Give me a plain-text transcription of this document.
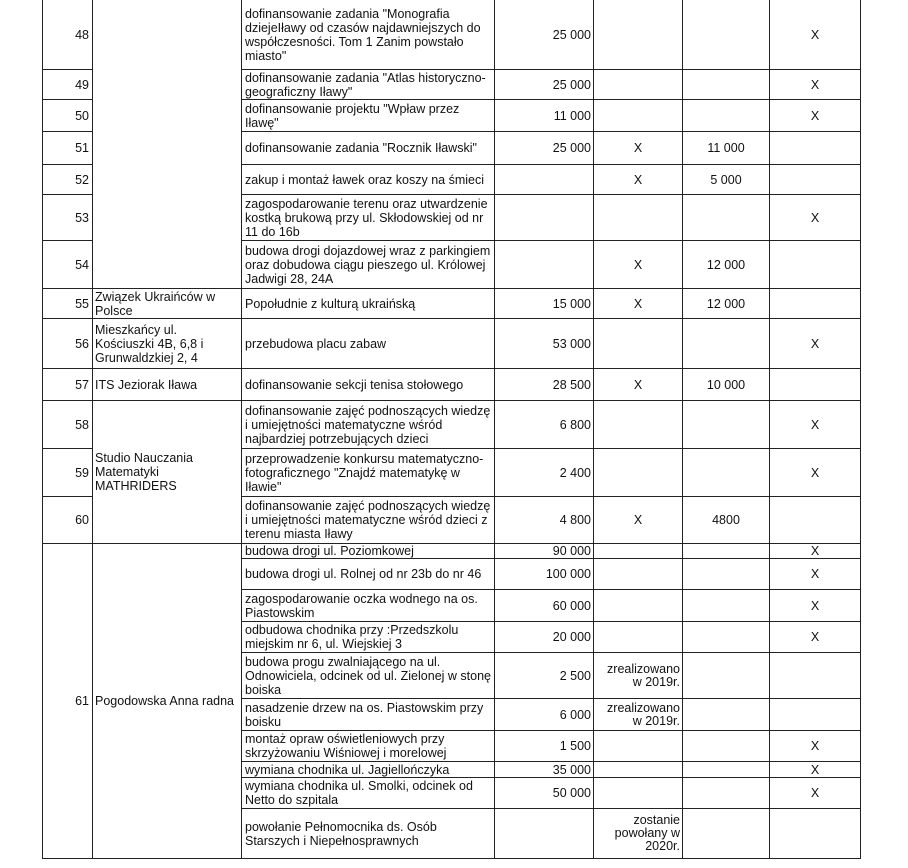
48		dofinansowanie zadania "Monografia dziejeIławy od czasów najdawniejszych do współczesności. Tom 1 Zanim powstało miasto"	25 000			X
49		dofinansowanie zadania "Atlas historyczno-geograficzny Iławy"	25 000			X
50		dofinansowanie projektu "Wpław przez Iławę"	11 000			X
51		dofinansowanie zadania "Rocznik Iławski"	25 000	X	11 000	
52		zakup i montaż ławek oraz koszy na śmieci		X	5 000	
53		zagospodarowanie terenu oraz utwardzenie kostką brukową przy ul. Skłodowskiej od nr 11 do 16b				X
54		budowa drogi dojazdowej wraz z parkingiem oraz dobudowa ciągu pieszego ul. Królowej Jadwigi 28, 24A		X	12 000	
55	Związek Ukraińców w Polsce	Popołudnie z kulturą ukraińską	15 000	X	12 000	
56	Mieszkańcy ul. Kościuszki 4B, 6,8 i Grunwaldzkiej 2, 4	przebudowa placu zabaw	53 000			X
57	ITS Jeziorak Iława	dofinansowanie sekcji tenisa stołowego	28 500	X	10 000	
58	Studio Nauczania Matematyki MATHRIDERS	dofinansowanie zajęć podnoszących wiedzę i umiejętności matematyczne wśród najbardziej potrzebujących dzieci	6 800			X
59		przeprowadzenie konkursu matematyczno-fotograficznego "Znajdź matematykę w Iławie"	2 400			X
60		dofinansowanie zajęć podnoszących wiedzę i umiejętności matematyczne wśród dzieci z terenu miasta Iławy	4 800	X	4800	
61	Pogodowska Anna radna	budowa drogi ul. Poziomkowej	90 000			X
		budowa drogi ul. Rolnej od nr 23b do nr 46	100 000			X
		zagospodarowanie oczka wodnego na os. Piastowskim	60 000			X
		odbudowa chodnika przy :Przedszkolu miejskim nr 6, ul. Wiejskiej 3	20 000			X
		budowa progu zwalniającego na ul. Odnowiciela, odcinek od ul. Zielonej w stonę boiska	2 500	zrealizowano w 2019r.		
		nasadzenie drzew na os. Piastowskim przy boisku	6 000	zrealizowano w 2019r.		
		montaż opraw oświetleniowych przy skrzyżowaniu Wiśniowej i morelowej	1 500			X
		wymiana chodnika ul. Jagiellończyka	35 000			X
		wymiana chodnika ul. Smolki, odcinek od Netto do szpitala	50 000			X
		powołanie Pełnomocnika ds. Osób Starszych i Niepełnosprawnych		zostanie powołany w 2020r.		
